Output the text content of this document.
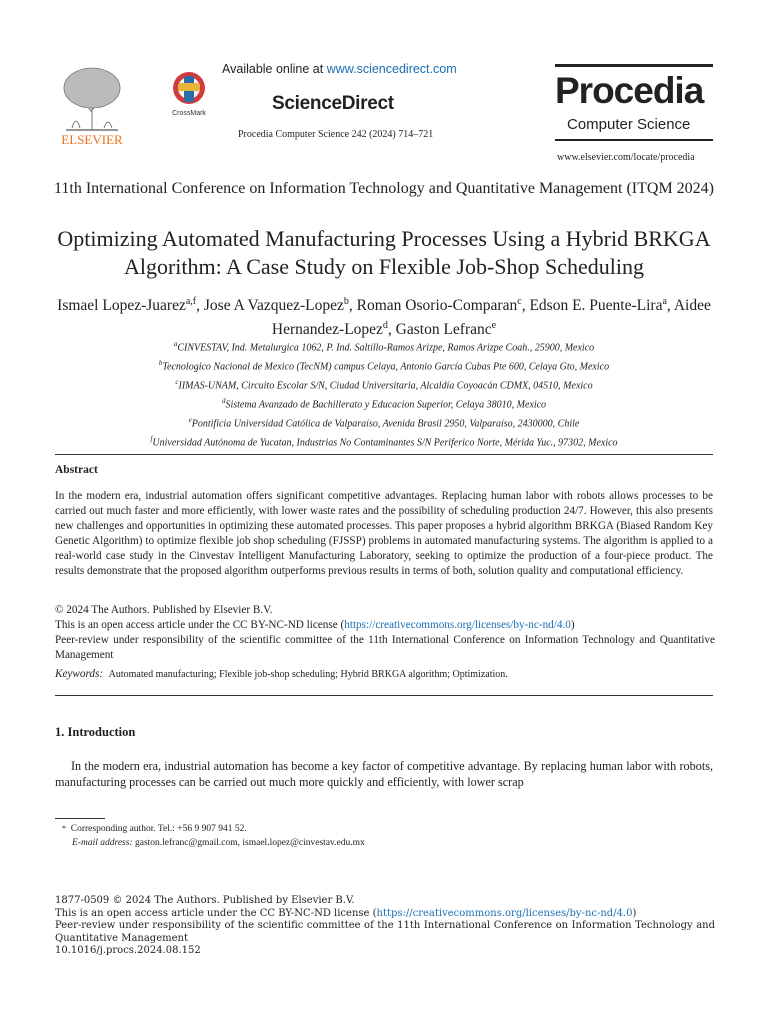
ELSEVIER
CrossMark
Available online at www.sciencedirect.com
ScienceDirect
Procedia Computer Science 242 (2024) 714–721
Procedia
Computer Science
www.elsevier.com/locate/procedia
11th International Conference on Information Technology and Quantitative Management (ITQM 2024)
Optimizing Automated Manufacturing Processes Using a Hybrid BRKGA Algorithm: A Case Study on Flexible Job-Shop Scheduling
Ismael Lopez-Juarez$^{a,f}$, Jose A Vazquez-Lopez$^b$, Roman Osorio-Comparan$^c$, Edson E. Puente-Lira$^a$, Aidee Hernandez-Lopez$^d$, Gaston Lefranc$^e$
$^a$CINVESTAV, Ind. Metalurgica 1062, P. Ind. Saltillo-Ramos Arizpe, Ramos Arizpe Coah., 25900, Mexico
$^b$Tecnologico Nacional de Mexico (TecNM) campus Celaya, Antonio García Cubas Pte 600, Celaya Gto, Mexico
$^c$IIMAS-UNAM, Circuito Escolar S/N, Ciudad Universitaria, Alcaldía Coyoacán CDMX, 04510, Mexico
$^d$Sistema Avanzado de Bachillerato y Educacion Superior, Celaya 38010, Mexico
$^e$Pontificia Universidad Católica de Valparaíso, Avenida Brasil 2950, Valparaíso, 2430000, Chile
$^f$Universidad Autónoma de Yucatan, Industrias No Contaminantes S/N Periferico Norte, Mérida Yuc., 97302, Mexico
Abstract
In the modern era, industrial automation offers significant competitive advantages. Replacing human labor with robots allows processes to be carried out much faster and more efficiently, with lower waste rates and the possibility of scheduling production 24/7. However, this also presents new challenges and opportunities in optimizing these automated processes. This paper proposes a hybrid algorithm BRKGA (Biased Random Key Genetic Algorithm) to optimize flexible job shop scheduling (FJSSP) problems in automated manufacturing systems. The algorithm is applied to a real-world case study in the Cinvestav Intelligent Manufacturing Laboratory, seeking to optimize the production of a four-piece product. The results demonstrate that the proposed algorithm outperforms previous results in terms of both, solution quality and computational efficiency.
© 2024 The Authors. Published by Elsevier B.V.
This is an open access article under the CC BY-NC-ND license (https://creativecommons.org/licenses/by-nc-nd/4.0)
Peer-review under responsibility of the scientific committee of the 11th International Conference on Information Technology and Quantitative Management
Keywords: Automated manufacturing; Flexible job-shop scheduling; Hybrid BRKGA algorithm; Optimization.
1. Introduction
In the modern era, industrial automation has become a key factor of competitive advantage. By replacing human labor with robots, manufacturing processes can be carried out much more quickly and efficiently, with lower scrap
* Corresponding author. Tel.: +56 9 907 941 52.
E-mail address: gaston.lefranc@gmail.com, ismael.lopez@cinvestav.edu.mx
1877-0509 © 2024 The Authors. Published by Elsevier B.V.
This is an open access article under the CC BY-NC-ND license (https://creativecommons.org/licenses/by-nc-nd/4.0)
Peer-review under responsibility of the scientific committee of the 11th International Conference on Information Technology and Quantitative Management
10.1016/j.procs.2024.08.152
